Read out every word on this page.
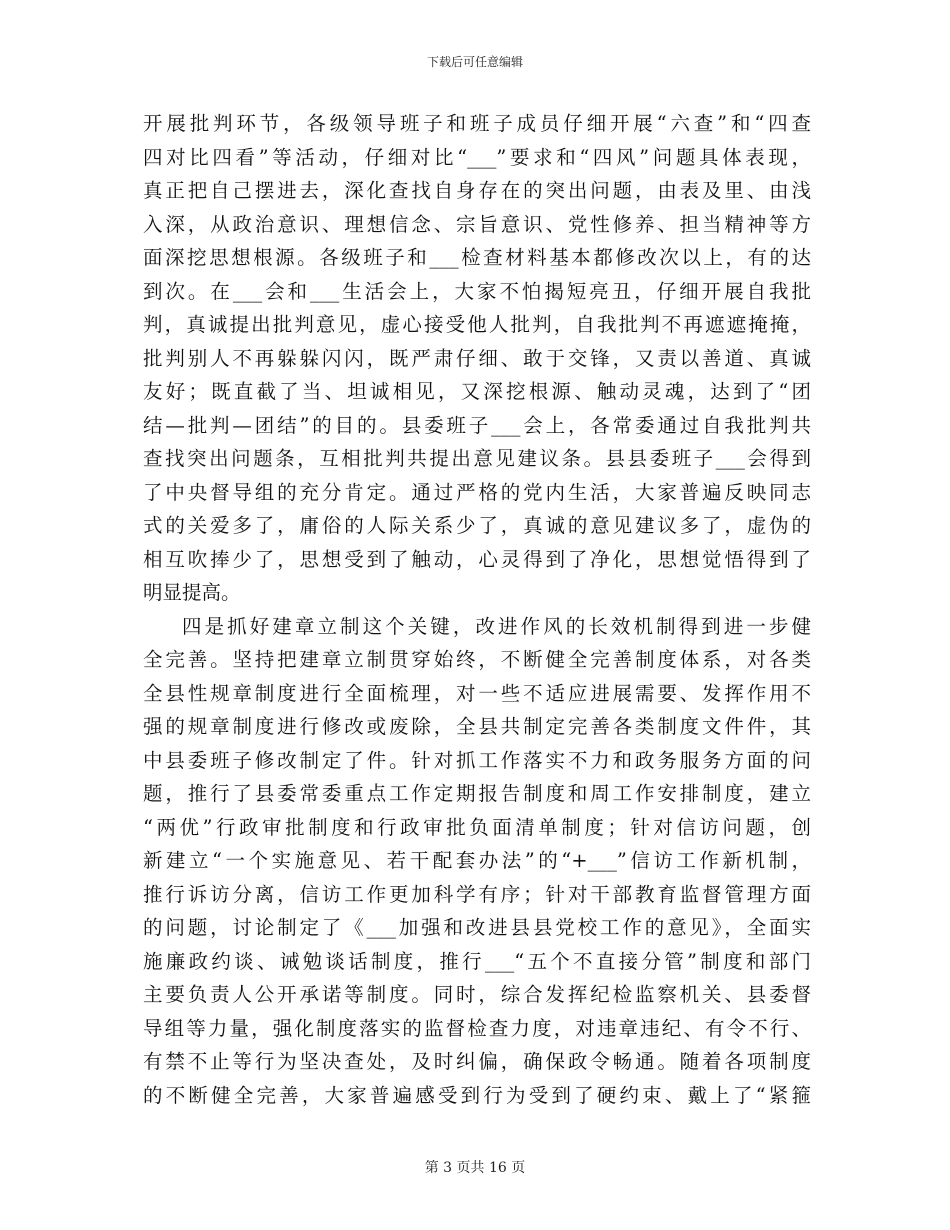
下载后可任意编辑
开展批判环节，各级领导班子和班子成员仔细开展“六查”和“四查
四对比四看”等活动，仔细对比“___”要求和“四风”问题具体表现，
真正把自己摆进去，深化查找自身存在的突出问题，由表及里、由浅
入深，从政治意识、理想信念、宗旨意识、党性修养、担当精神等方
面深挖思想根源。各级班子和___检查材料基本都修改次以上，有的达
到次。在___会和___生活会上，大家不怕揭短亮丑，仔细开展自我批
判，真诚提出批判意见，虚心接受他人批判，自我批判不再遮遮掩掩，
批判别人不再躲躲闪闪，既严肃仔细、敢于交锋，又责以善道、真诚
友好；既直截了当、坦诚相见，又深挖根源、触动灵魂，达到了“团
结—批判—团结”的目的。县委班子___会上，各常委通过自我批判共
查找突出问题条，互相批判共提出意见建议条。县县委班子___会得到
了中央督导组的充分肯定。通过严格的党内生活，大家普遍反映同志
式的关爱多了，庸俗的人际关系少了，真诚的意见建议多了，虚伪的
相互吹捧少了，思想受到了触动，心灵得到了净化，思想觉悟得到了
明显提高。
四是抓好建章立制这个关键，改进作风的长效机制得到进一步健
全完善。坚持把建章立制贯穿始终，不断健全完善制度体系，对各类
全县性规章制度进行全面梳理，对一些不适应进展需要、发挥作用不
强的规章制度进行修改或废除，全县共制定完善各类制度文件件，其
中县委班子修改制定了件。针对抓工作落实不力和政务服务方面的问
题，推行了县委常委重点工作定期报告制度和周工作安排制度，建立
“两优”行政审批制度和行政审批负面清单制度；针对信访问题，创
新建立“一个实施意见、若干配套办法”的“+___”信访工作新机制，
推行诉访分离，信访工作更加科学有序；针对干部教育监督管理方面
的问题，讨论制定了《___加强和改进县县党校工作的意见》，全面实
施廉政约谈、诫勉谈话制度，推行___“五个不直接分管”制度和部门
主要负责人公开承诺等制度。同时，综合发挥纪检监察机关、县委督
导组等力量，强化制度落实的监督检查力度，对违章违纪、有令不行、
有禁不止等行为坚决查处，及时纠偏，确保政令畅通。随着各项制度
的不断健全完善，大家普遍感受到行为受到了硬约束、戴上了“紧箍
第 3 页共 16 页
